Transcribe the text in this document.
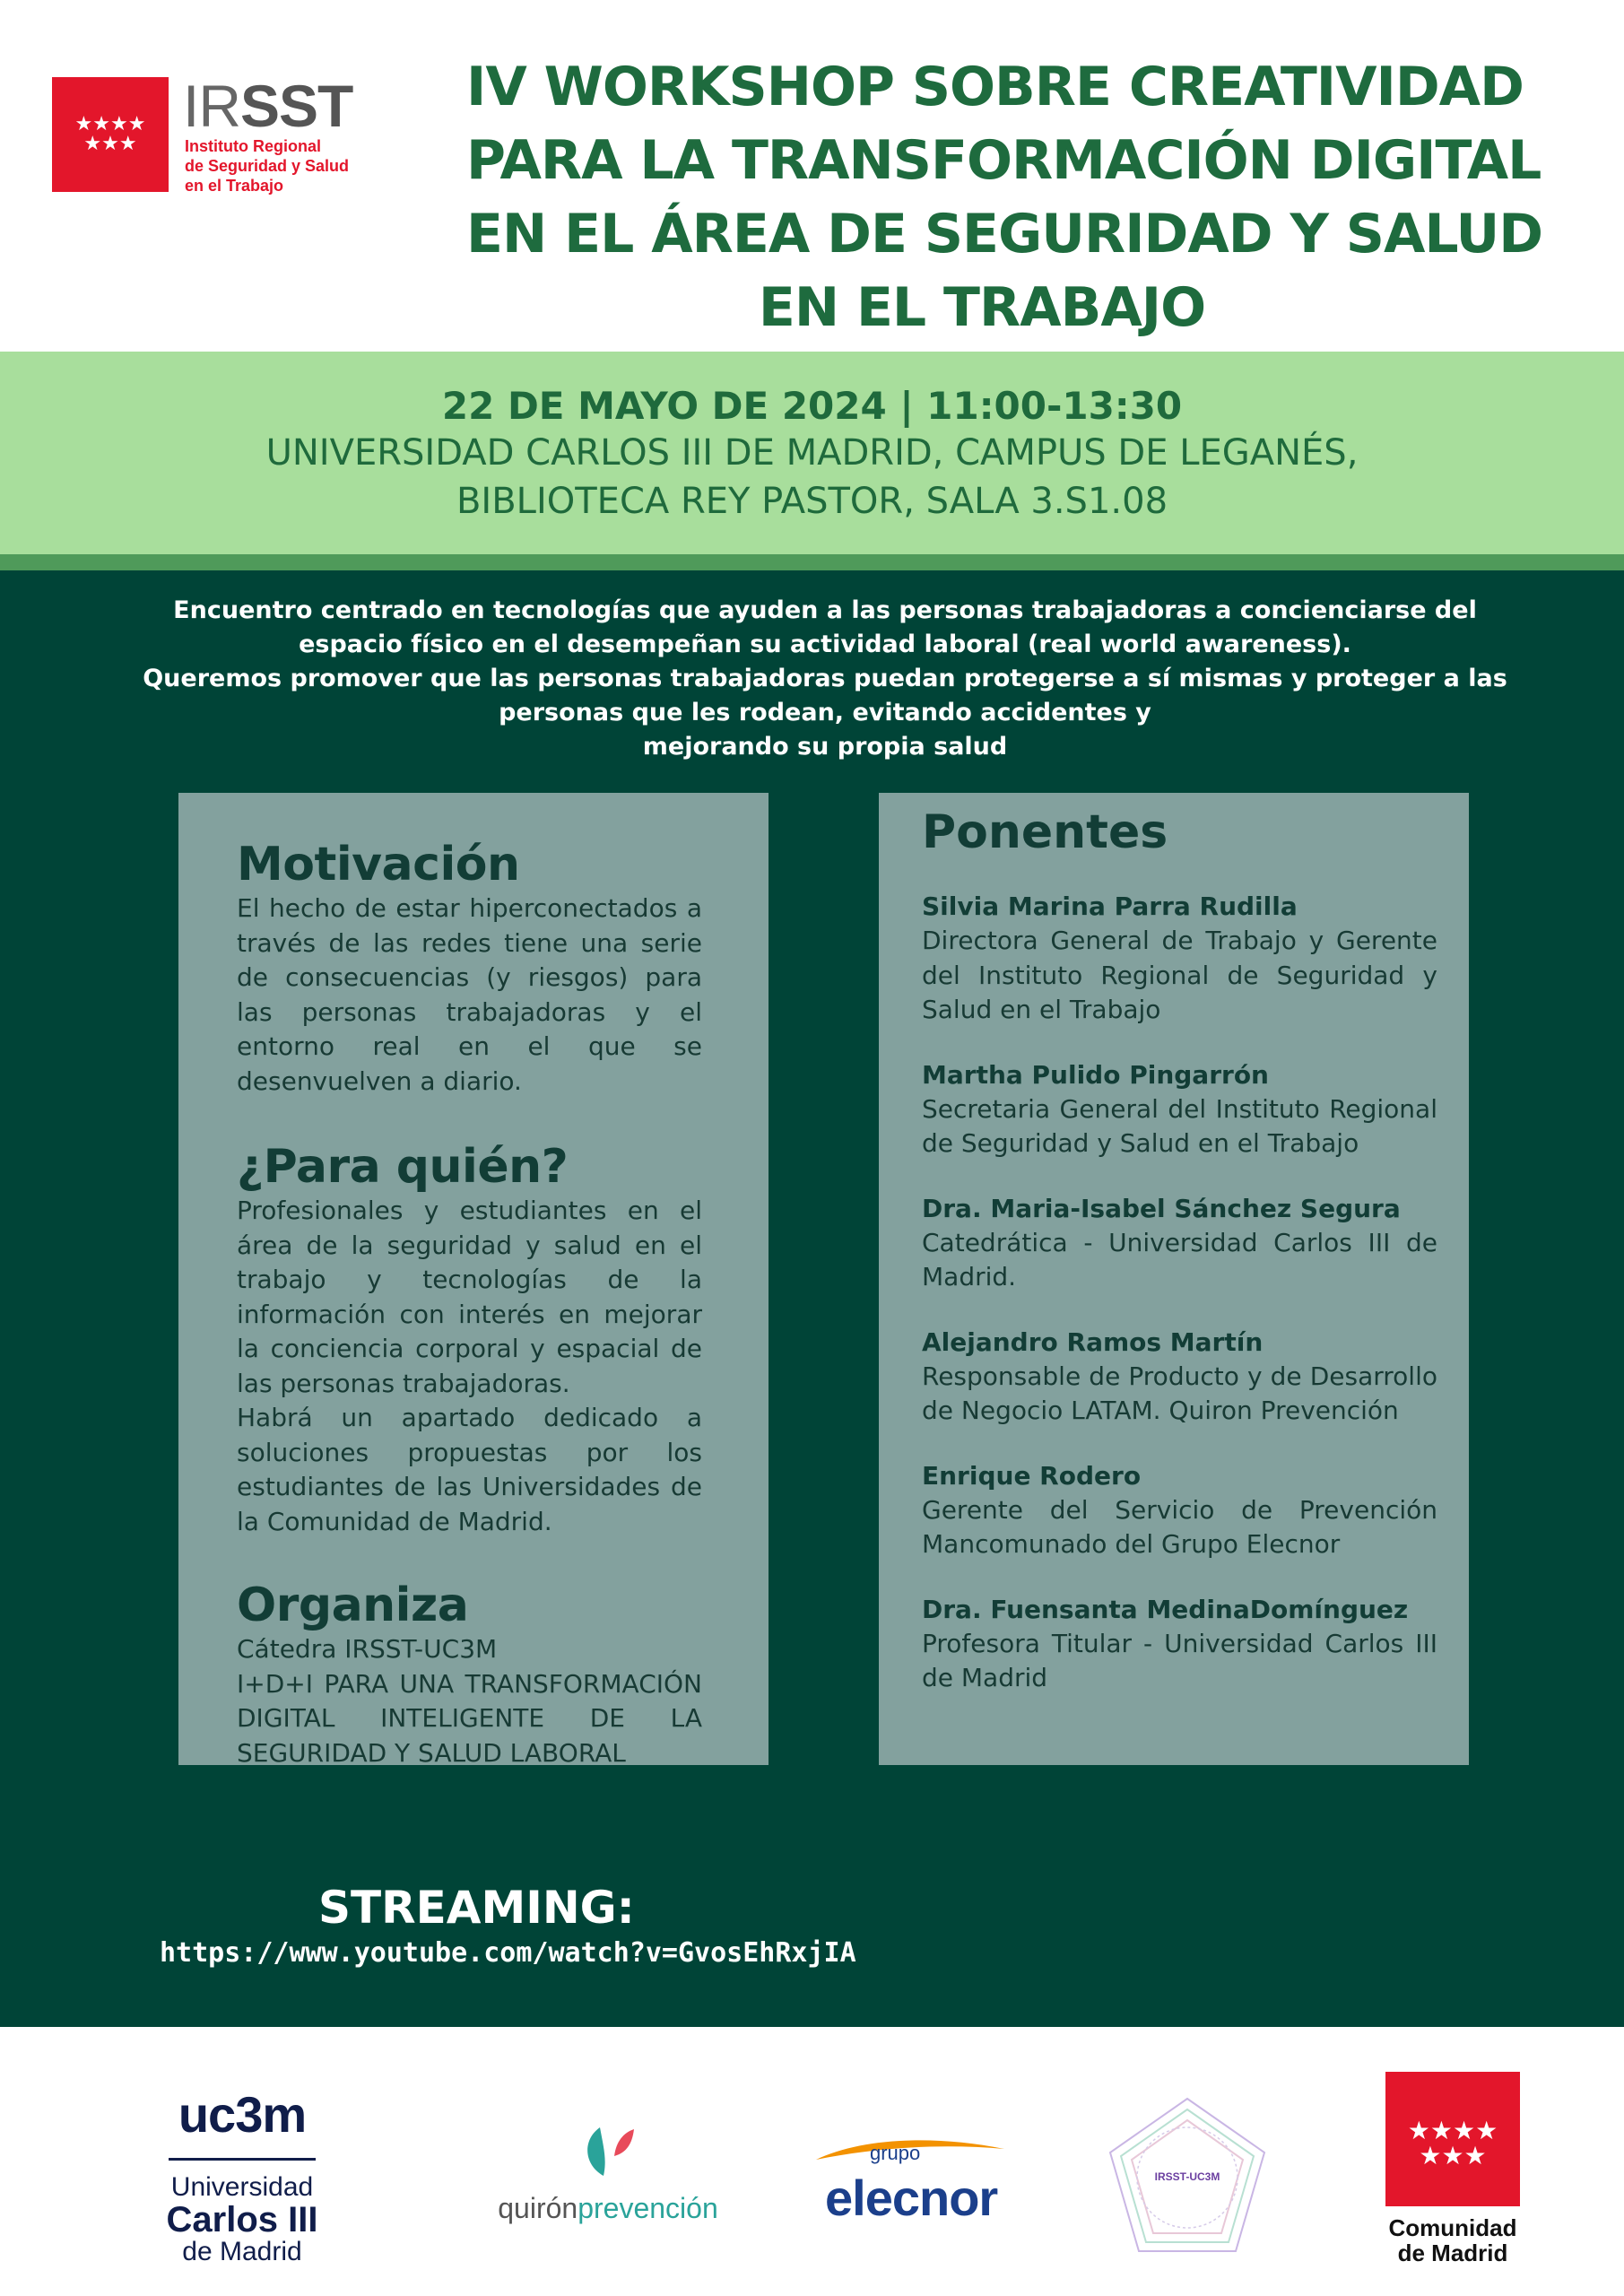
★★★★
★★★
IRSST
Instituto Regional
de Seguridad y Salud
en el Trabajo
IV WORKSHOP SOBRE CREATIVIDAD
PARA LA TRANSFORMACIÓN DIGITAL
EN EL ÁREA DE SEGURIDAD Y SALUD
EN EL TRABAJO
22 DE MAYO DE 2024 | 11:00-13:30
UNIVERSIDAD CARLOS III DE MADRID, CAMPUS DE LEGANÉS,
BIBLIOTECA REY PASTOR, SALA 3.S1.08
Encuentro centrado en tecnologías que ayuden a las personas trabajadoras a concienciarse del
espacio físico en el desempeñan su actividad laboral (real world awareness).
Queremos promover que las personas trabajadoras puedan protegerse a sí mismas y proteger a las
personas que les rodean, evitando accidentes y
mejorando su propia salud
Motivación
El hecho de estar hiperconectados a través de las redes tiene una serie de consecuencias (y riesgos) para las personas trabajadoras y el entorno real en el que se desenvuelven a diario.
¿Para quién?
Profesionales y estudiantes en el área de la seguridad y salud en el trabajo y tecnologías de la información con interés en mejorar la conciencia corporal y espacial de las personas trabajadoras.
Habrá un apartado dedicado a soluciones propuestas por los estudiantes de las Universidades de la Comunidad de Madrid.
Organiza
Cátedra IRSST-UC3M
I+D+I PARA UNA TRANSFORMACIÓN DIGITAL INTELIGENTE DE LA SEGURIDAD Y SALUD LABORAL
Ponentes
Silvia Marina Parra Rudilla
Directora General de Trabajo y Gerente del Instituto Regional de Seguridad y Salud en el Trabajo
Martha Pulido Pingarrón
Secretaria General del Instituto Regional de Seguridad y Salud en el Trabajo
Dra. Maria-Isabel Sánchez Segura
Catedrática - Universidad Carlos III de Madrid.
Alejandro Ramos Martín
Responsable de Producto y de Desarrollo de Negocio LATAM. Quiron Prevención
Enrique Rodero
Gerente del Servicio de Prevención Mancomunado del Grupo Elecnor
Dra. Fuensanta MedinaDomínguez
Profesora Titular - Universidad Carlos III de Madrid
STREAMING:
https://www.youtube.com/watch?v=GvosEhRxjIA
uc3m
Universidad
Carlos III
de Madrid
quirónprevención
grupo
elecnor	IRSST-UC3M
★★★★
★★★
Comunidad
de Madrid
